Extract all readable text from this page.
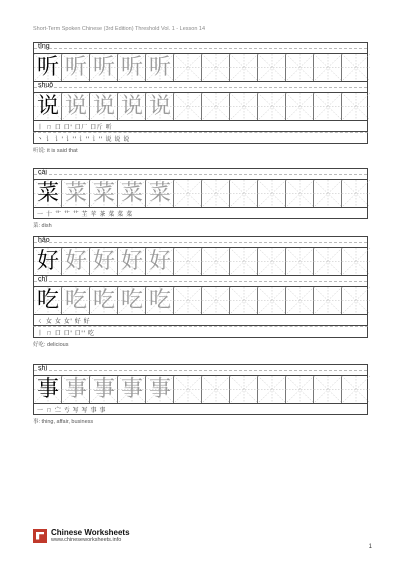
Short-Term Spoken Chinese (3rd Edition) Threshold Vol. 1 - Lesson 14
tīng
听 听 听 听 听
shuō
说 说 说 说 说
丨 ㄇ 口 口' 口厂 口斤 听
丶 讠 讠' 讠'' 讠'' 讠'' 说 说 说
听说: it is said that
cài
菜 菜 菜 菜 菜
一 十 艹 艹 艹 芏 苹 茶 菜 菜 菜
菜: dish
hǎo
好 好 好 好 好
chī
吃 吃 吃 吃 吃
ㄑ 女 女 女' 好 好
丨 ㄇ 口 口' 口'' 吃
好吃: delicious
shì
事 事 事 事 事
一 ㄇ 㝉 亐 写 写 事 事
事: thing, affair, business
Chinese Worksheets
www.chineseworksheets.info
1
